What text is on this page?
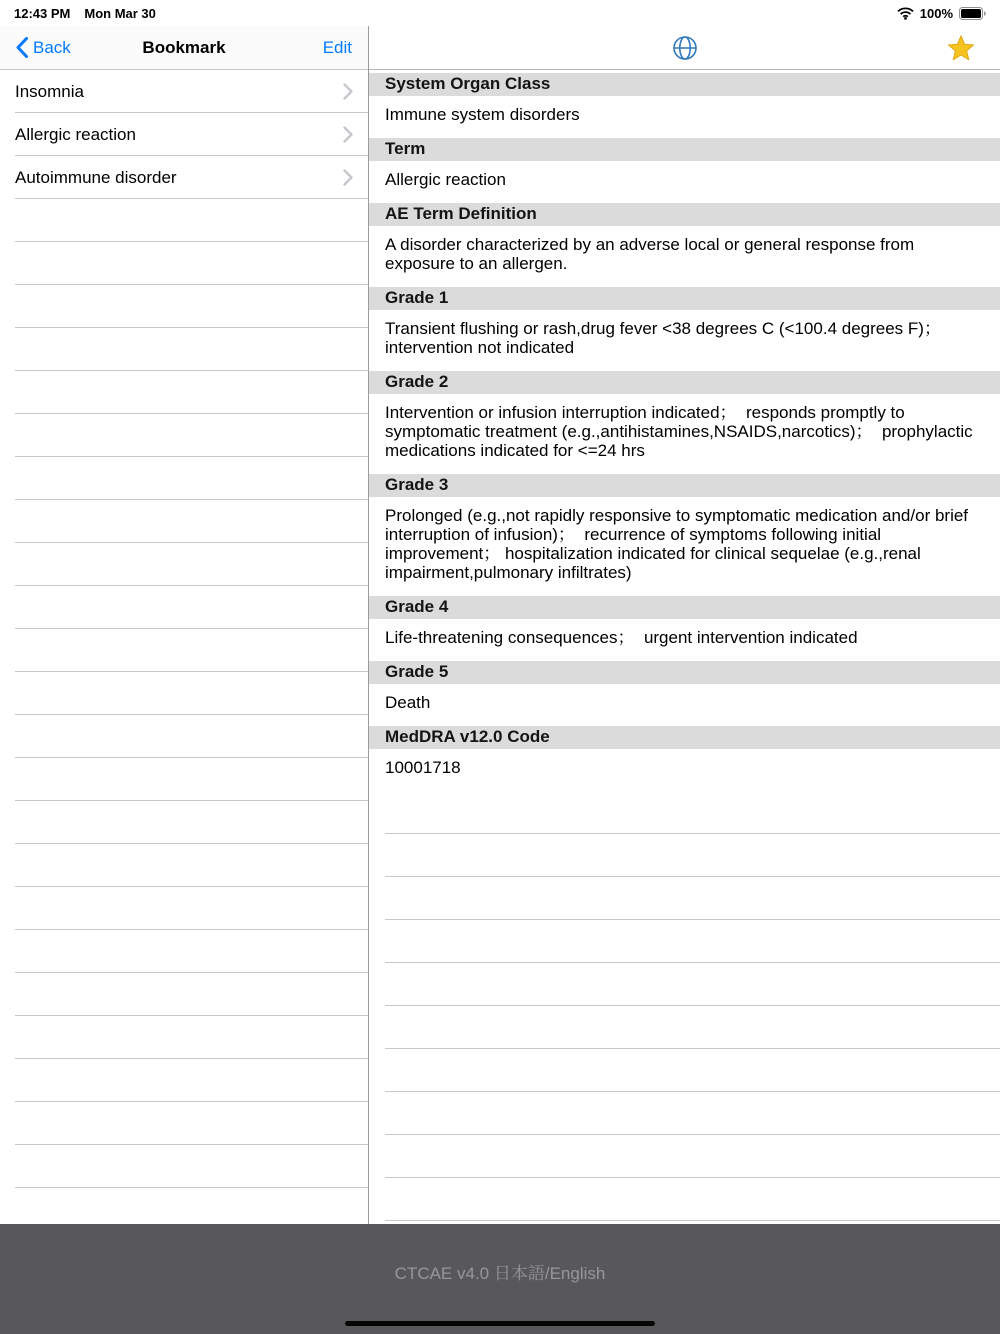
12:43 PM Mon Mar 30	100%
Back	Bookmark	Edit
Insomnia
Allergic reaction
Autoimmune disorder
System Organ Class
Immune system disorders
Term
Allergic reaction
AE Term Definition
A disorder characterized by an adverse local or general response from exposure to an allergen.
Grade 1
Transient flushing or rash,drug fever <38 degrees C (<100.4 degrees F)； intervention not indicated
Grade 2
Intervention or infusion interruption indicated；  responds promptly to symptomatic treatment (e.g.,antihistamines,NSAIDS,narcotics)；  prophylactic medications indicated for <=24 hrs
Grade 3
Prolonged (e.g.,not rapidly responsive to symptomatic medication and/or brief interruption of infusion)；  recurrence of symptoms following initial improvement； hospitalization indicated for clinical sequelae (e.g.,renal impairment,pulmonary infiltrates)
Grade 4
Life-threatening consequences；  urgent intervention indicated
Grade 5
Death
MedDRA v12.0 Code
10001718
CTCAE v4.0 日本語/English
